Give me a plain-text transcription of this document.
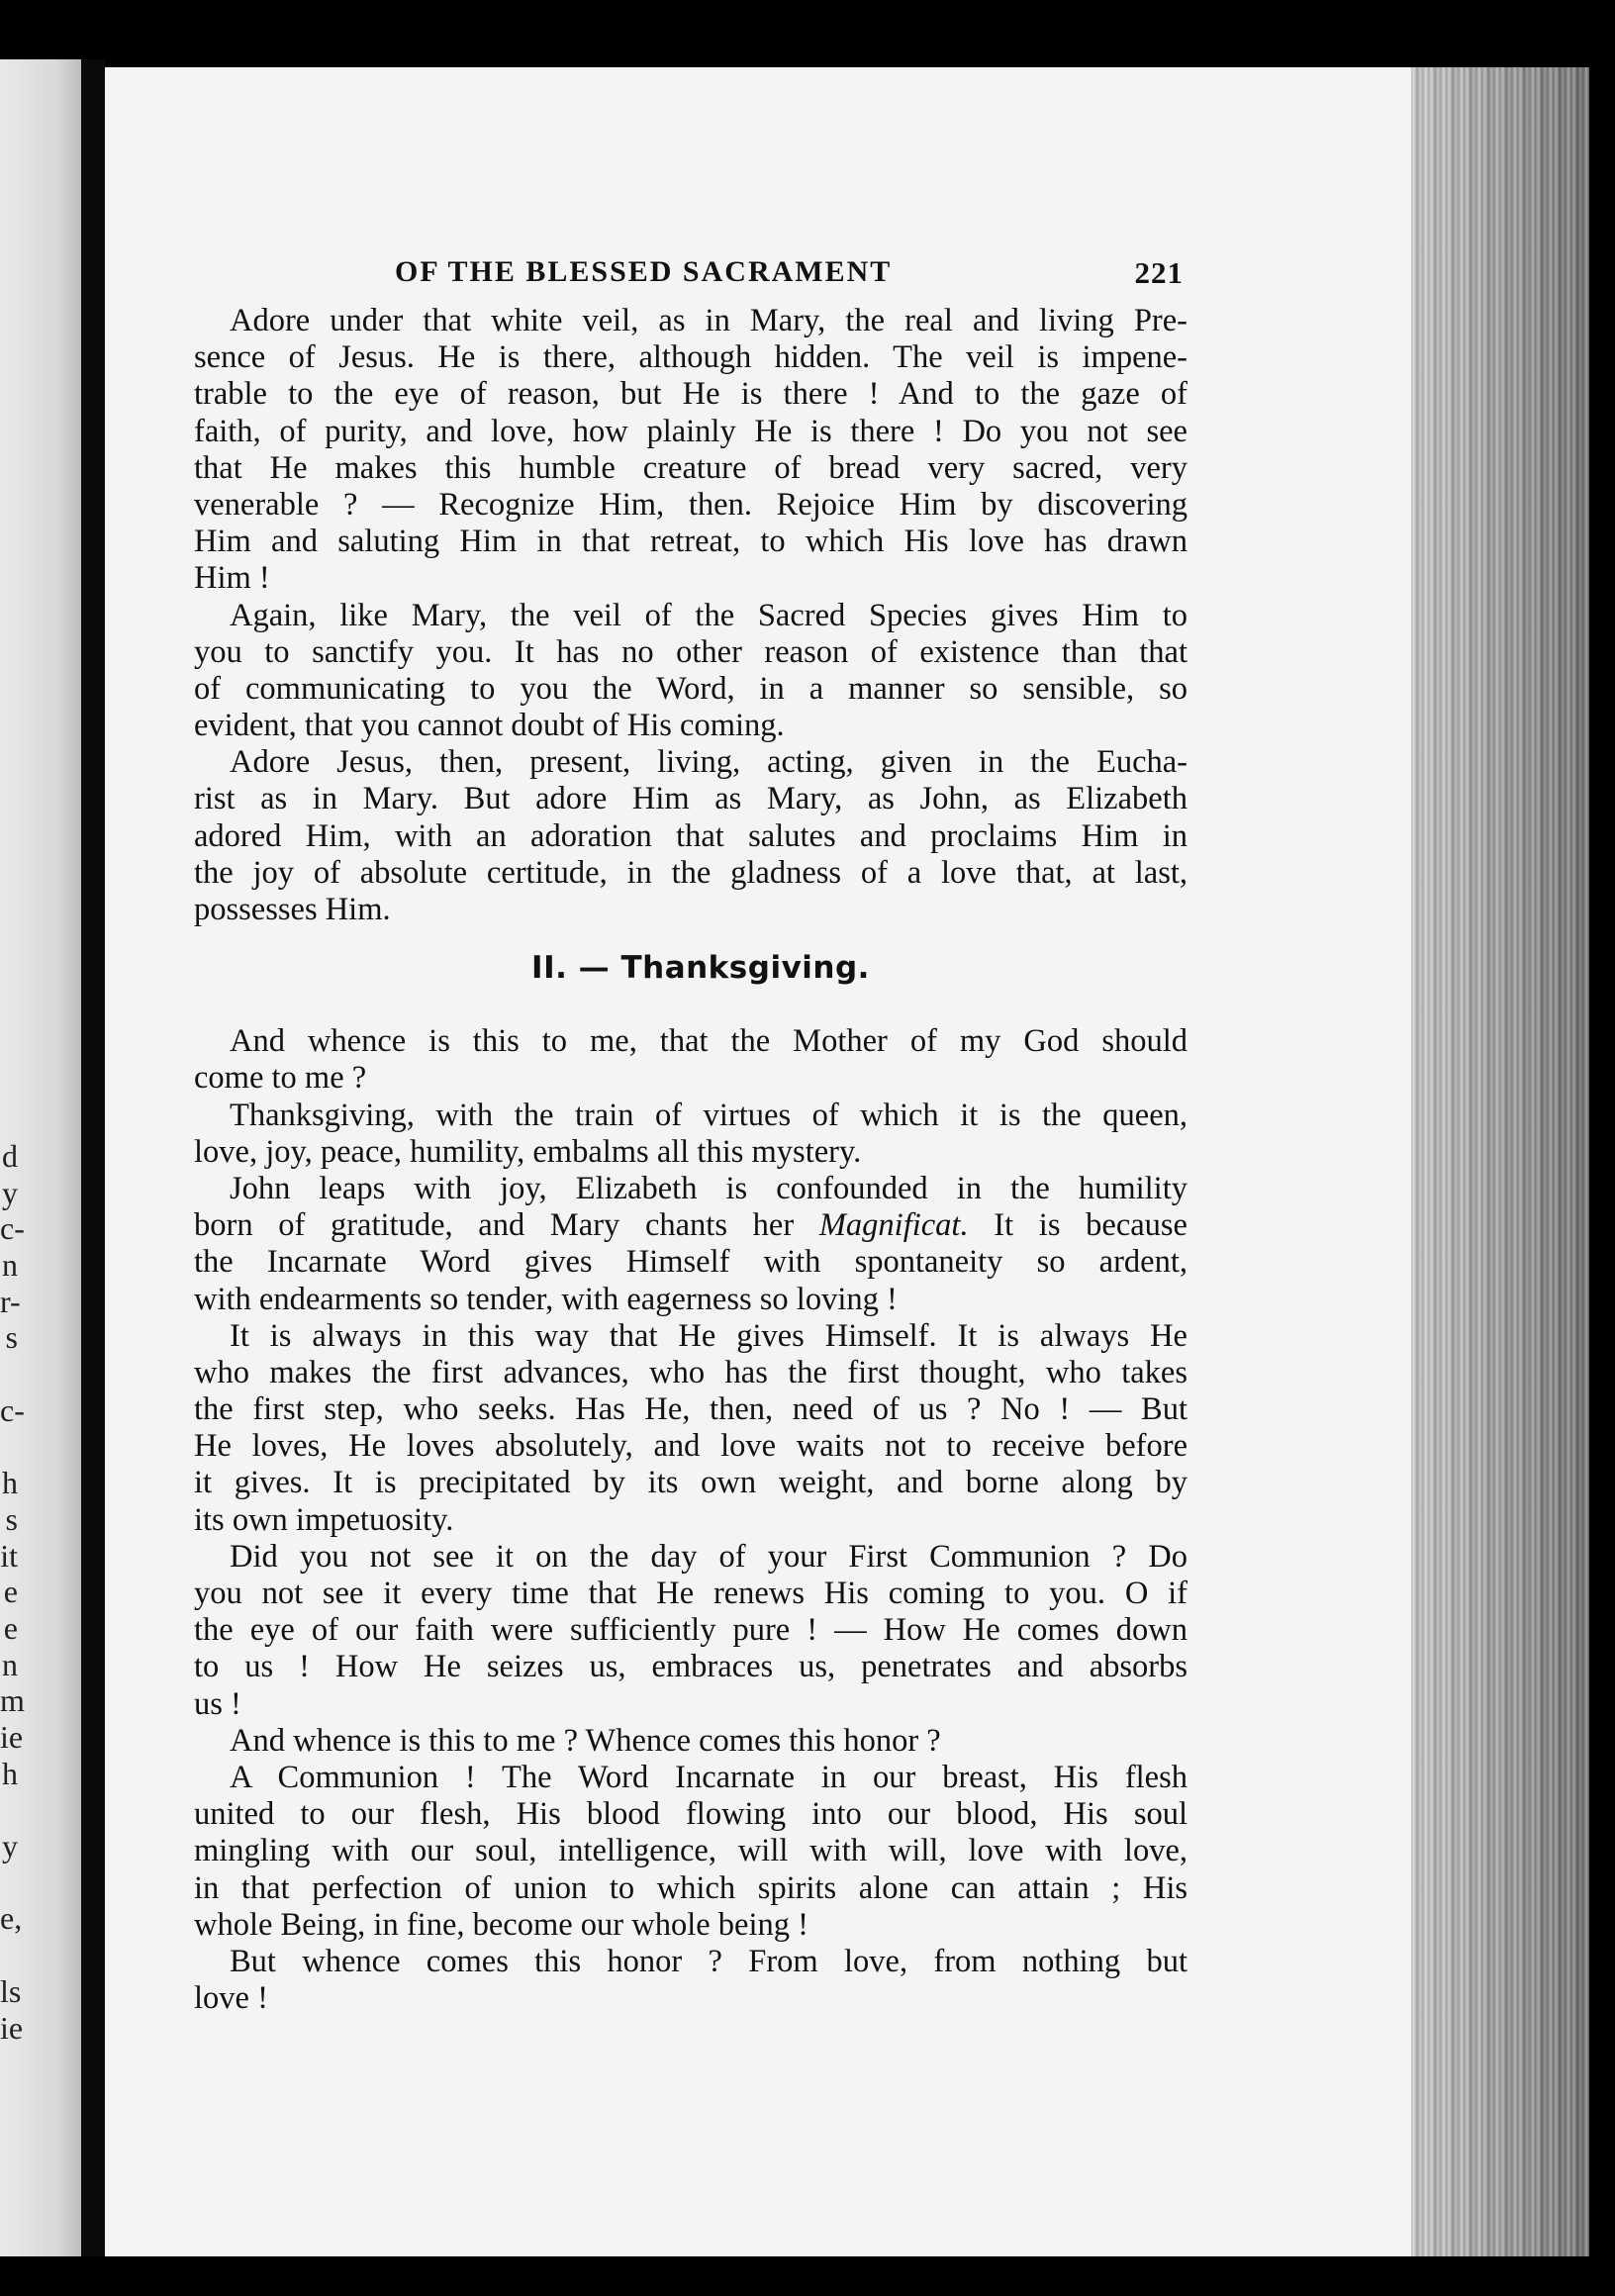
d
y
c-
n
r-
s
c-
h
s
it
e
e
n
m
ie
h
y
e,
ls
ie
OF THE BLESSED SACRAMENT	221
Adore under that white veil, as in Mary, the real and living Pre-
sence of Jesus. He is there, although hidden. The veil is impene-
trable to the eye of reason, but He is there ! And to the gaze of
faith, of purity, and love, how plainly He is there ! Do you not see
that He makes this humble creature of bread very sacred, very
venerable ? — Recognize Him, then. Rejoice Him by discovering
Him and saluting Him in that retreat, to which His love has drawn
Him !
Again, like Mary, the veil of the Sacred Species gives Him to
you to sanctify you. It has no other reason of existence than that
of communicating to you the Word, in a manner so sensible, so
evident, that you cannot doubt of His coming.
Adore Jesus, then, present, living, acting, given in the Eucha-
rist as in Mary. But adore Him as Mary, as John, as Elizabeth
adored Him, with an adoration that salutes and proclaims Him in
the joy of absolute certitude, in the gladness of a love that, at last,
possesses Him.
II. — Thanksgiving.
And whence is this to me, that the Mother of my God should
come to me ?
Thanksgiving, with the train of virtues of which it is the queen,
love, joy, peace, humility, embalms all this mystery.
John leaps with joy, Elizabeth is confounded in the humility
born of gratitude, and Mary chants her Magnificat. It is because
the Incarnate Word gives Himself with spontaneity so ardent,
with endearments so tender, with eagerness so loving !
It is always in this way that He gives Himself. It is always He
who makes the first advances, who has the first thought, who takes
the first step, who seeks. Has He, then, need of us ? No ! — But
He loves, He loves absolutely, and love waits not to receive before
it gives. It is precipitated by its own weight, and borne along by
its own impetuosity.
Did you not see it on the day of your First Communion ? Do
you not see it every time that He renews His coming to you. O if
the eye of our faith were sufficiently pure ! — How He comes down
to us ! How He seizes us, embraces us, penetrates and absorbs
us !
And whence is this to me ? Whence comes this honor ?
A Communion ! The Word Incarnate in our breast, His flesh
united to our flesh, His blood flowing into our blood, His soul
mingling with our soul, intelligence, will with will, love with love,
in that perfection of union to which spirits alone can attain ; His
whole Being, in fine, become our whole being !
But whence comes this honor ? From love, from nothing but
love !
